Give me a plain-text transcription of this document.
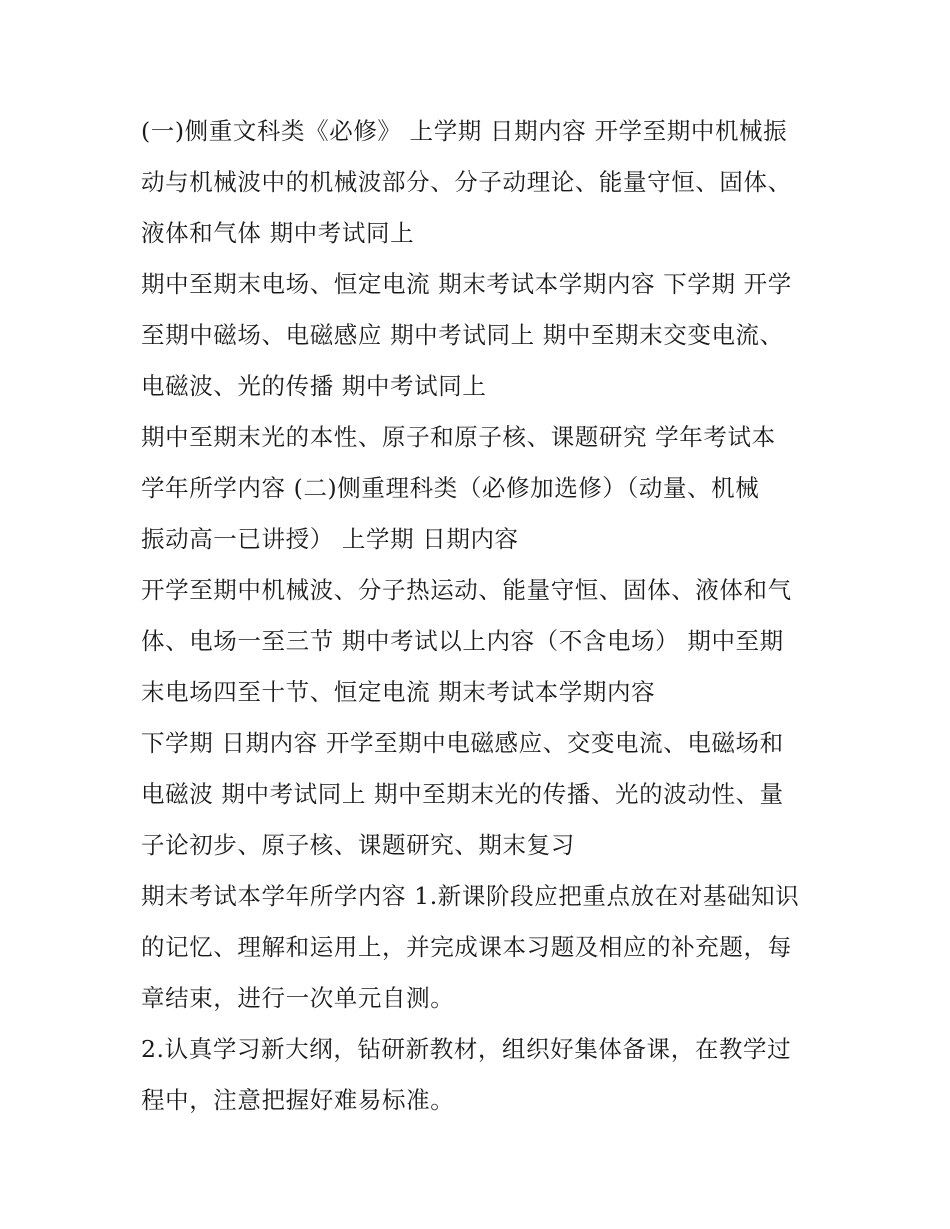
(一)侧重文科类《必修》 上学期 日期内容 开学至期中机械振
动与机械波中的机械波部分、分子动理论、能量守恒、固体、
液体和气体 期中考试同上
期中至期末电场、恒定电流 期末考试本学期内容 下学期 开学
至期中磁场、电磁感应 期中考试同上 期中至期末交变电流、
电磁波、光的传播 期中考试同上
期中至期末光的本性、原子和原子核、课题研究 学年考试本
学年所学内容 (二)侧重理科类（必修加选修）（动量、机械
振动高一已讲授） 上学期 日期内容
开学至期中机械波、分子热运动、能量守恒、固体、液体和气
体、电场一至三节 期中考试以上内容（不含电场） 期中至期
末电场四至十节、恒定电流 期末考试本学期内容
下学期 日期内容 开学至期中电磁感应、交变电流、电磁场和
电磁波 期中考试同上 期中至期末光的传播、光的波动性、量
子论初步、原子核、课题研究、期末复习
期末考试本学年所学内容 1.新课阶段应把重点放在对基础知识
的记忆、理解和运用上，并完成课本习题及相应的补充题，每
章结束，进行一次单元自测。
2.认真学习新大纲，钻研新教材，组织好集体备课，在教学过
程中，注意把握好难易标准。
